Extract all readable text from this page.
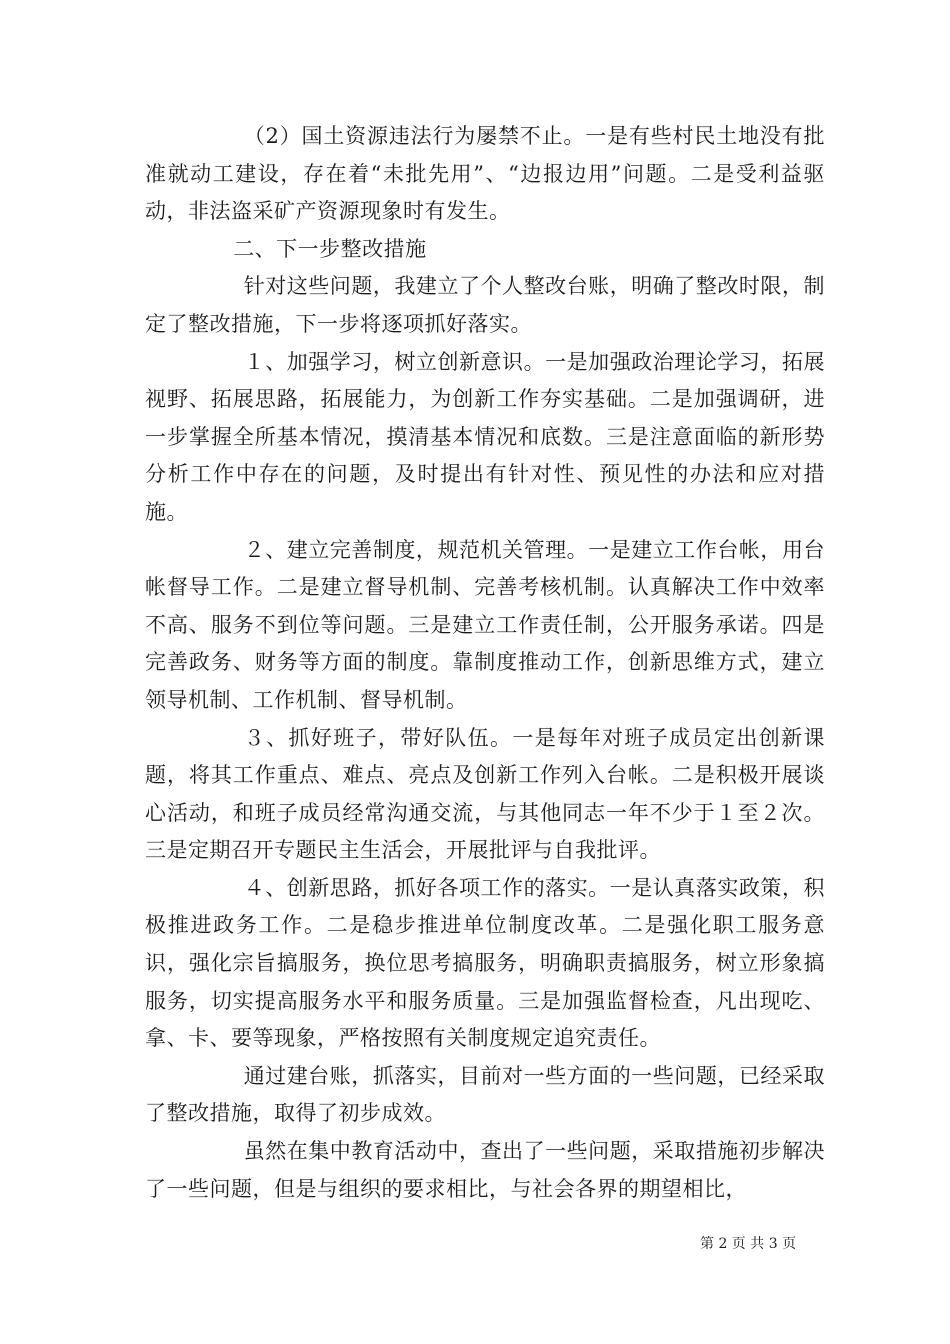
（2）国土资源违法行为屡禁不止。一是有些村民土地没有批准就动工建设，存在着“未批先用”、“边报边用”问题。二是受利益驱动，非法盗采矿产资源现象时有发生。

二、下一步整改措施

针对这些问题，我建立了个人整改台账，明确了整改时限，制定了整改措施，下一步将逐项抓好落实。

１、加强学习，树立创新意识。一是加强政治理论学习，拓展视野、拓展思路，拓展能力，为创新工作夯实基础。二是加强调研，进一步掌握全所基本情况，摸清基本情况和底数。三是注意面临的新形势分析工作中存在的问题，及时提出有针对性、预见性的办法和应对措施。

２、建立完善制度，规范机关管理。一是建立工作台帐，用台帐督导工作。二是建立督导机制、完善考核机制。认真解决工作中效率不高、服务不到位等问题。三是建立工作责任制，公开服务承诺。四是完善政务、财务等方面的制度。靠制度推动工作，创新思维方式，建立领导机制、工作机制、督导机制。

３、抓好班子，带好队伍。一是每年对班子成员定出创新课题，将其工作重点、难点、亮点及创新工作列入台帐。二是积极开展谈心活动，和班子成员经常沟通交流，与其他同志一年不少于１至２次。三是定期召开专题民主生活会，开展批评与自我批评。

４、创新思路，抓好各项工作的落实。一是认真落实政策，积极推进政务工作。二是稳步推进单位制度改革。二是强化职工服务意识，强化宗旨搞服务，换位思考搞服务，明确职责搞服务，树立形象搞服务，切实提高服务水平和服务质量。三是加强监督检查，凡出现吃、拿、卡、要等现象，严格按照有关制度规定追究责任。

通过建台账，抓落实，目前对一些方面的一些问题，已经采取了整改措施，取得了初步成效。

虽然在集中教育活动中，查出了一些问题，采取措施初步解决了一些问题，但是与组织的要求相比，与社会各界的期望相比，

第 2 页 共 3 页
